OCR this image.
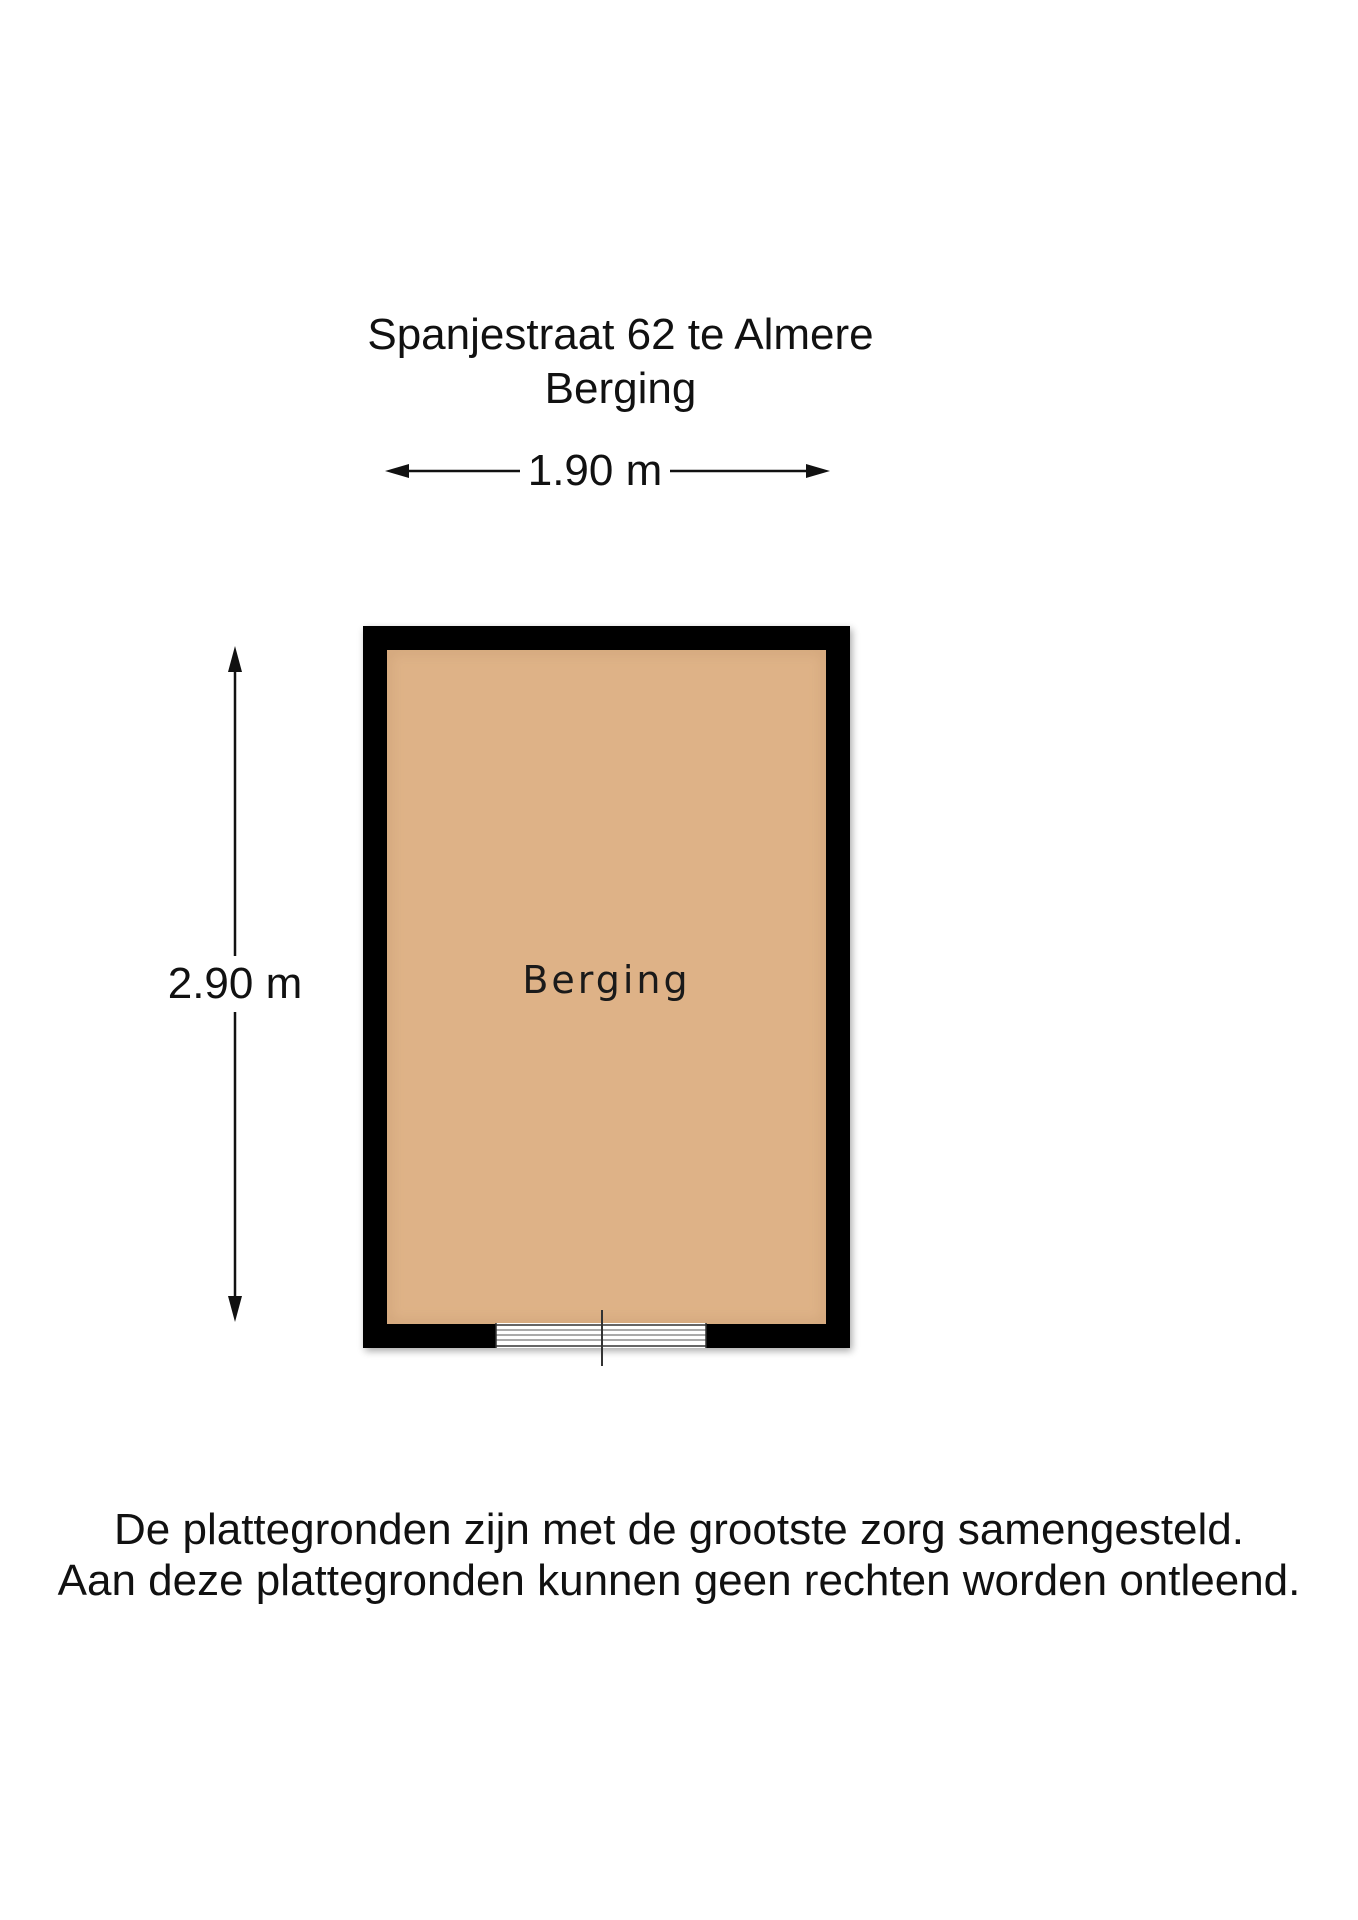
Spanjestraat 62 te Almere
Berging
1.90 m
2.90 m	Berging
De plattegronden zijn met de grootste zorg samengesteld.
Aan deze plattegronden kunnen geen rechten worden ontleend.
